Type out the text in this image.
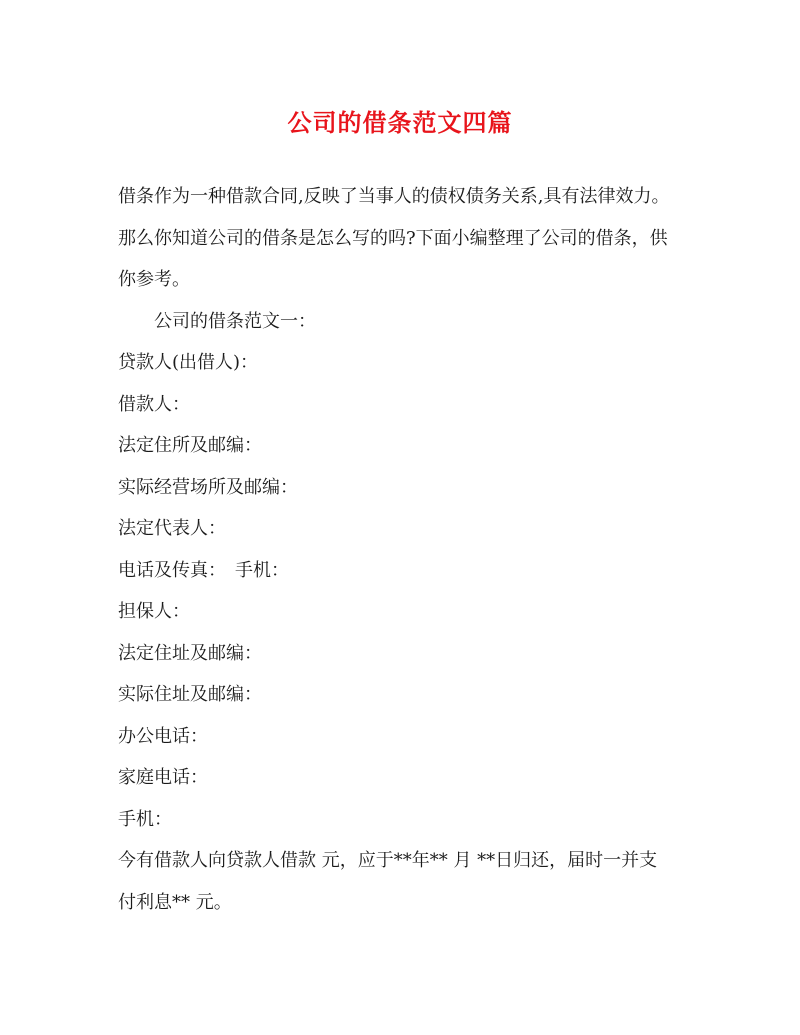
公司的借条范文四篇

借条作为一种借款合同,反映了当事人的债权债务关系,具有法律效力。

那么你知道公司的借条是怎么写的吗?下面小编整理了公司的借条，供

你参考。

公司的借条范文一：

贷款人(出借人)：

借款人：

法定住所及邮编：

实际经营场所及邮编：

法定代表人：

电话及传真：　手机：

担保人：

法定住址及邮编：

实际住址及邮编：

办公电话：

家庭电话：

手机：

今有借款人向贷款人借款 元，应于**年** 月 **日归还，届时一并支

付利息** 元。
